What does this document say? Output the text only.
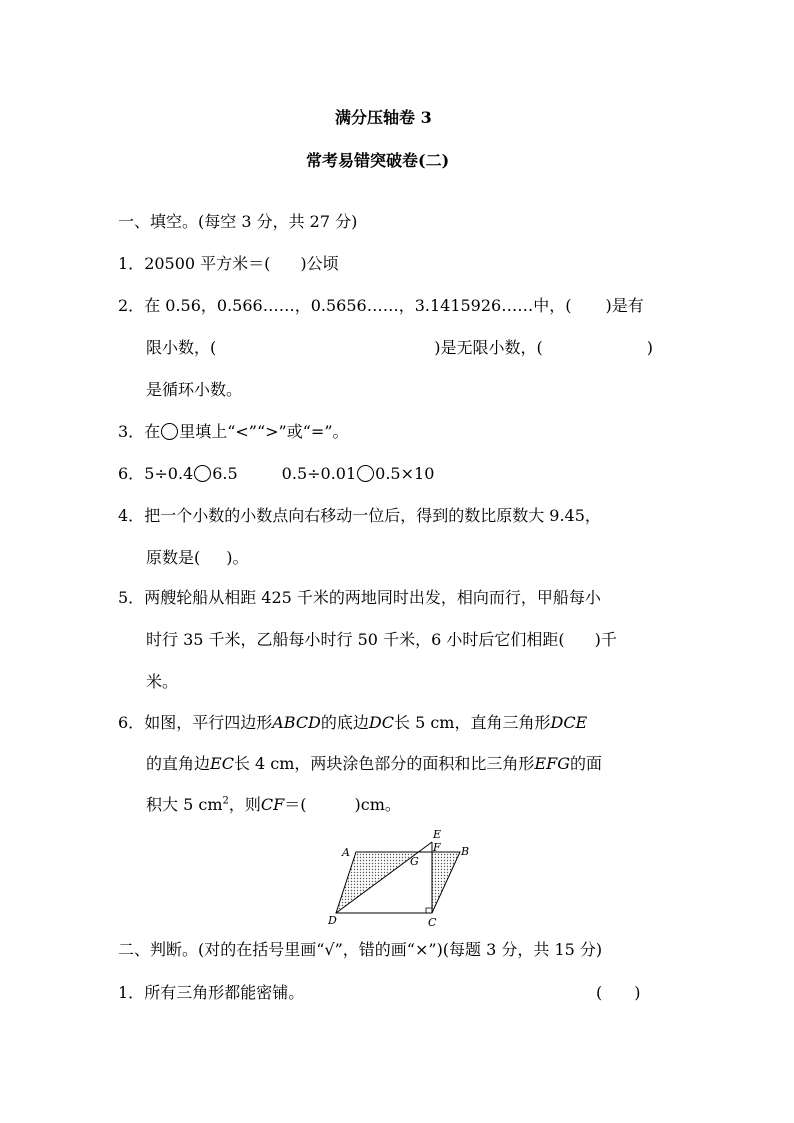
满分压轴卷 3
常考易错突破卷(二)
一、填空。(每空 3 分，共 27 分)
1．20500 平方米＝( )公顷
2．在 0.56，0.566……，0.5656……，3.1415926……中，( )是有
限小数，(	)是无限小数，(	)
是循环小数。
3．在 里填上“<”“>”或“=”。
6．5÷0.4 6.5	0.5÷0.01 0.5×10
4．把一个小数的小数点向右移动一位后，得到的数比原数大 9.45，
原数是( )。
5．两艘轮船从相距 425 千米的两地同时出发，相向而行，甲船每小
时行 35 千米，乙船每小时行 50 千米，6 小时后它们相距( )千
米。
6．如图，平行四边形ABCD的底边DC长 5 cm，直角三角形DCE
的直角边EC长 4 cm，两块涂色部分的面积和比三角形EFG的面
积大 5 $cm^2$，则CF＝(	)cm。
A	B
C
D
E
F
G
二、判断。(对的在括号里画“√”，错的画“×”)(每题 3 分，共 15 分)
1．所有三角形都能密铺。	(　　)
